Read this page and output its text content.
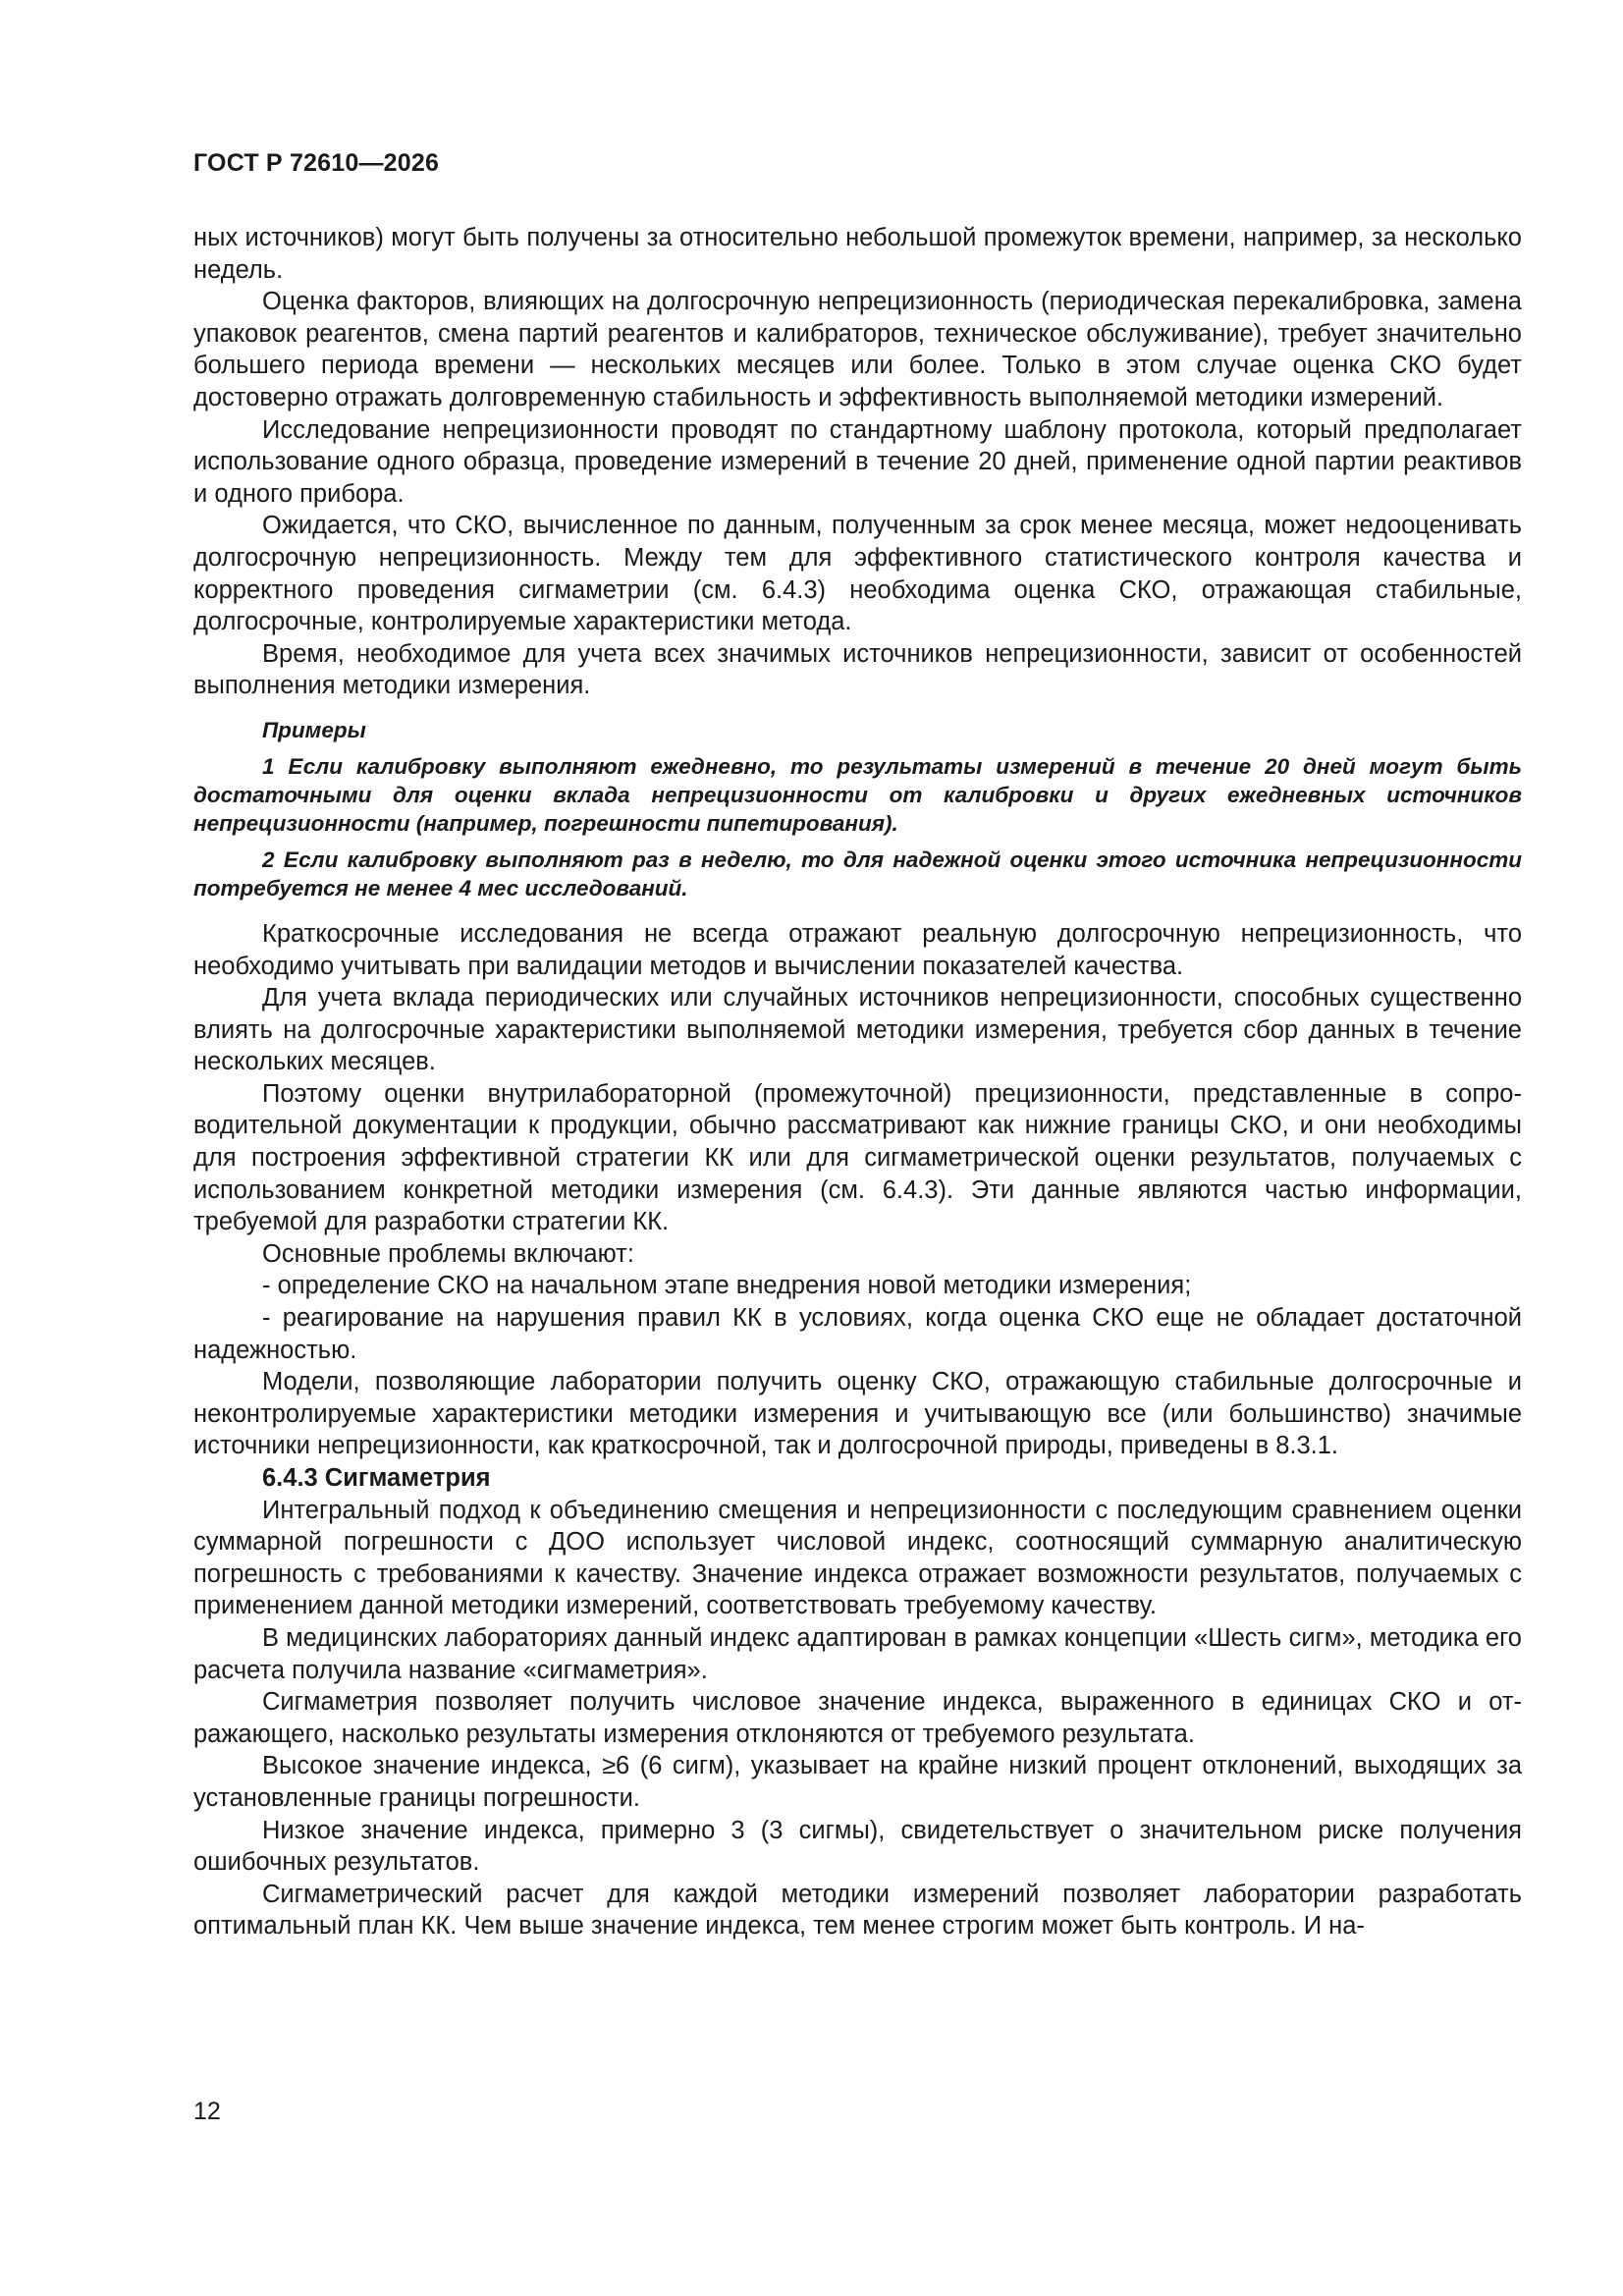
ГОСТ Р 72610—2026

ных источников) могут быть получены за относительно небольшой промежуток времени, например, за несколько недель.

Оценка факторов, влияющих на долгосрочную непрецизионность (периодическая перекалибровка, замена упаковок реагентов, смена партий реагентов и калибраторов, техническое обслуживание), требует значительно большего периода времени — нескольких месяцев или более. Только в этом случае оценка СКО будет достоверно отражать долговременную стабильность и эффективность выполняемой методики измерений.

Исследование непрецизионности проводят по стандартному шаблону протокола, который предполагает использование одного образца, проведение измерений в течение 20 дней, применение одной партии реактивов и одного прибора.

Ожидается, что СКО, вычисленное по данным, полученным за срок менее месяца, может недооценивать долгосрочную непрецизионность. Между тем для эффективного статистического контроля качества и корректного проведения сигмаметрии (см. 6.4.3) необходима оценка СКО, отражающая стабильные, долгосрочные, контролируемые характеристики метода.

Время, необходимое для учета всех значимых источников непрецизионности, зависит от особенностей выполнения методики измерения.

Примеры

1 Если калибровку выполняют ежедневно, то результаты измерений в течение 20 дней могут быть достаточными для оценки вклада непрецизионности от калибровки и других ежедневных источников непрецизионности (например, погрешности пипетирования).

2 Если калибровку выполняют раз в неделю, то для надежной оценки этого источника непрецизионности потребуется не менее 4 мес исследований.

Краткосрочные исследования не всегда отражают реальную долгосрочную непрецизионность, что необходимо учитывать при валидации методов и вычислении показателей качества.

Для учета вклада периодических или случайных источников непрецизионности, способных существенно влиять на долгосрочные характеристики выполняемой методики измерения, требуется сбор данных в течение нескольких месяцев.

Поэтому оценки внутрилабораторной (промежуточной) прецизионности, представленные в сопроводительной документации к продукции, обычно рассматривают как нижние границы СКО, и они необходимы для построения эффективной стратегии КК или для сигмаметрической оценки результатов, получаемых с использованием конкретной методики измерения (см. 6.4.3). Эти данные являются частью информации, требуемой для разработки стратегии КК.

Основные проблемы включают:

- определение СКО на начальном этапе внедрения новой методики измерения;

- реагирование на нарушения правил КК в условиях, когда оценка СКО еще не обладает достаточной надежностью.

Модели, позволяющие лаборатории получить оценку СКО, отражающую стабильные долгосрочные и неконтролируемые характеристики методики измерения и учитывающую все (или большинство) значимые источники непрецизионности, как краткосрочной, так и долгосрочной природы, приведены в 8.3.1.

6.4.3 Сигмаметрия

Интегральный подход к объединению смещения и непрецизионности с последующим сравнением оценки суммарной погрешности с ДОО использует числовой индекс, соотносящий суммарную аналитическую погрешность с требованиями к качеству. Значение индекса отражает возможности результатов, получаемых с применением данной методики измерений, соответствовать требуемому качеству.

В медицинских лабораториях данный индекс адаптирован в рамках концепции «Шесть сигм», методика его расчета получила название «сигмаметрия».

Сигмаметрия позволяет получить числовое значение индекса, выраженного в единицах СКО и отражающего, насколько результаты измерения отклоняются от требуемого результата.

Высокое значение индекса, ≥6 (6 сигм), указывает на крайне низкий процент отклонений, выходящих за установленные границы погрешности.

Низкое значение индекса, примерно 3 (3 сигмы), свидетельствует о значительном риске получения ошибочных результатов.

Сигмаметрический расчет для каждой методики измерений позволяет лаборатории разработать оптимальный план КК. Чем выше значение индекса, тем менее строгим может быть контроль. И на-

12
